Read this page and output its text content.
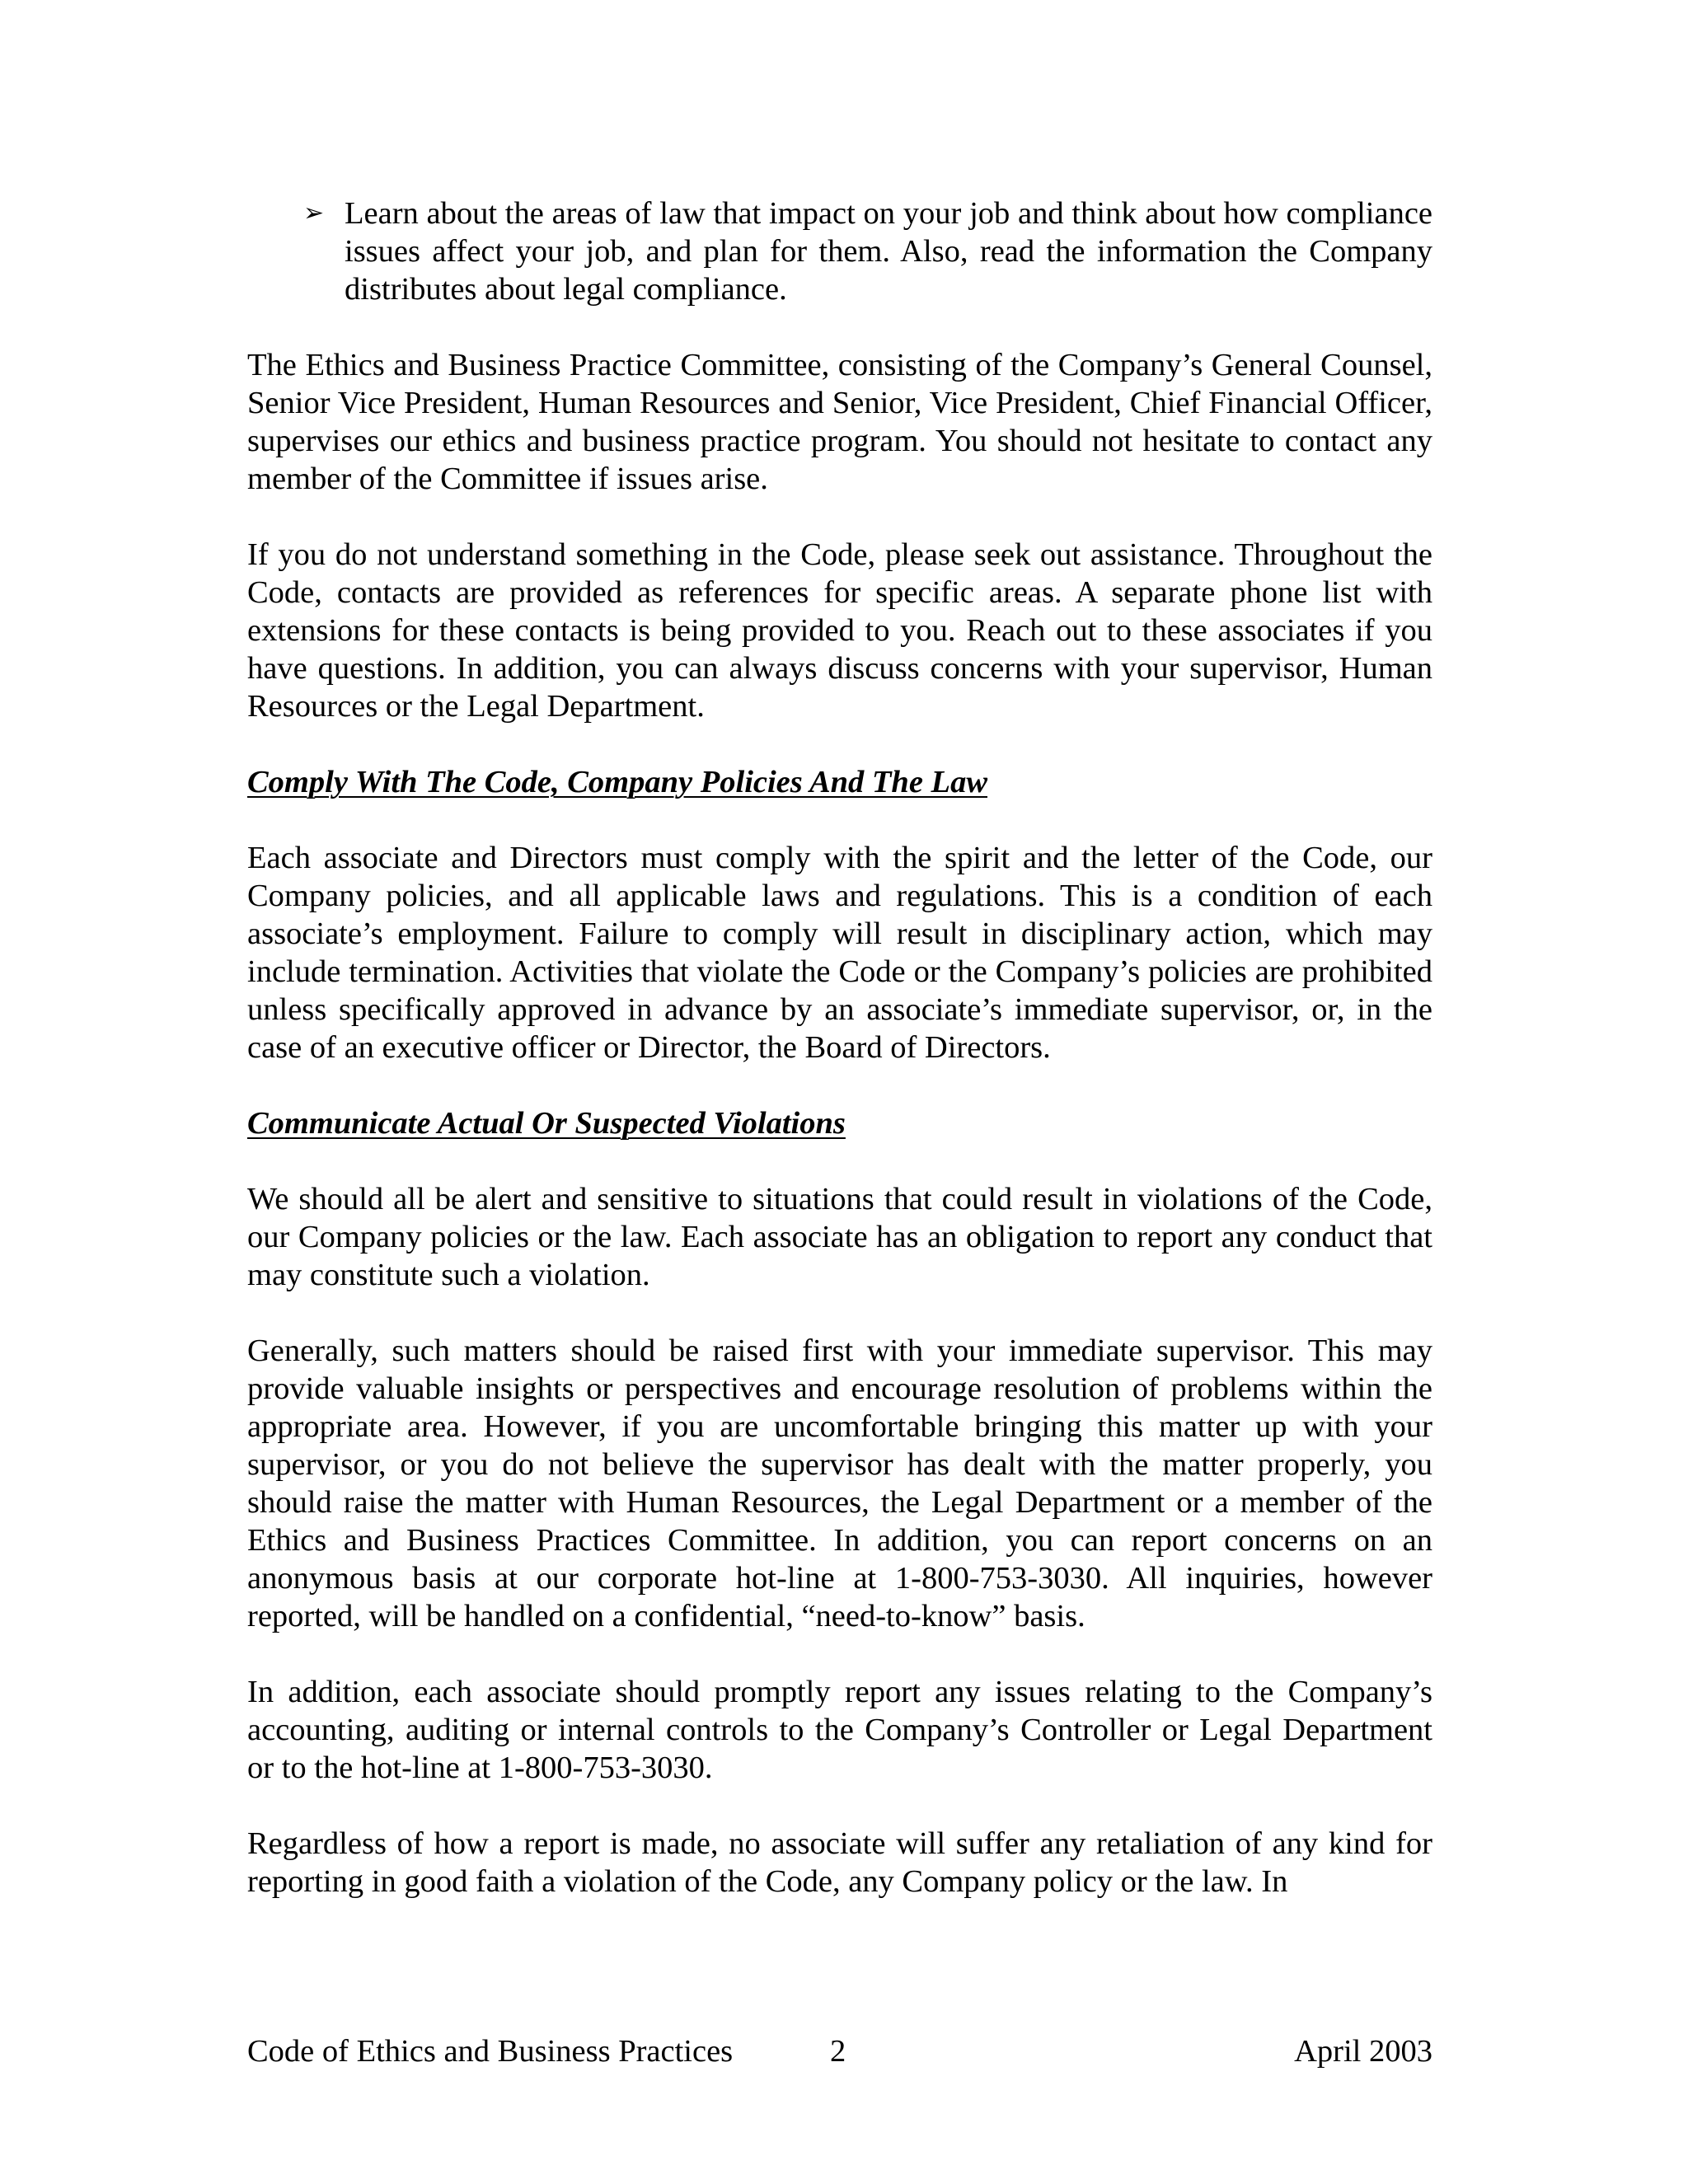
➢ Learn about the areas of law that impact on your job and think about how compliance issues affect your job, and plan for them. Also, read the information the Company distributes about legal compliance.

The Ethics and Business Practice Committee, consisting of the Company’s General Counsel, Senior Vice President, Human Resources and Senior, Vice President, Chief Financial Officer, supervises our ethics and business practice program. You should not hesitate to contact any member of the Committee if issues arise.

If you do not understand something in the Code, please seek out assistance. Throughout the Code, contacts are provided as references for specific areas. A separate phone list with extensions for these contacts is being provided to you. Reach out to these associates if you have questions. In addition, you can always discuss concerns with your supervisor, Human Resources or the Legal Department.

Comply With The Code, Company Policies And The Law

Each associate and Directors must comply with the spirit and the letter of the Code, our Company policies, and all applicable laws and regulations. This is a condition of each associate’s employment. Failure to comply will result in disciplinary action, which may include termination. Activities that violate the Code or the Company’s policies are prohibited unless specifically approved in advance by an associate’s immediate supervisor, or, in the case of an executive officer or Director, the Board of Directors.

Communicate Actual Or Suspected Violations

We should all be alert and sensitive to situations that could result in violations of the Code, our Company policies or the law. Each associate has an obligation to report any conduct that may constitute such a violation.

Generally, such matters should be raised first with your immediate supervisor. This may provide valuable insights or perspectives and encourage resolution of problems within the appropriate area. However, if you are uncomfortable bringing this matter up with your supervisor, or you do not believe the supervisor has dealt with the matter properly, you should raise the matter with Human Resources, the Legal Department or a member of the Ethics and Business Practices Committee. In addition, you can report concerns on an anonymous basis at our corporate hot-line at 1-800-753-3030. All inquiries, however reported, will be handled on a confidential, “need-to-know” basis.

In addition, each associate should promptly report any issues relating to the Company’s accounting, auditing or internal controls to the Company’s Controller or Legal Department or to the hot-line at 1-800-753-3030.

Regardless of how a report is made, no associate will suffer any retaliation of any kind for reporting in good faith a violation of the Code, any Company policy or the law. In

Code of Ethics and Business Practices	2	April 2003
